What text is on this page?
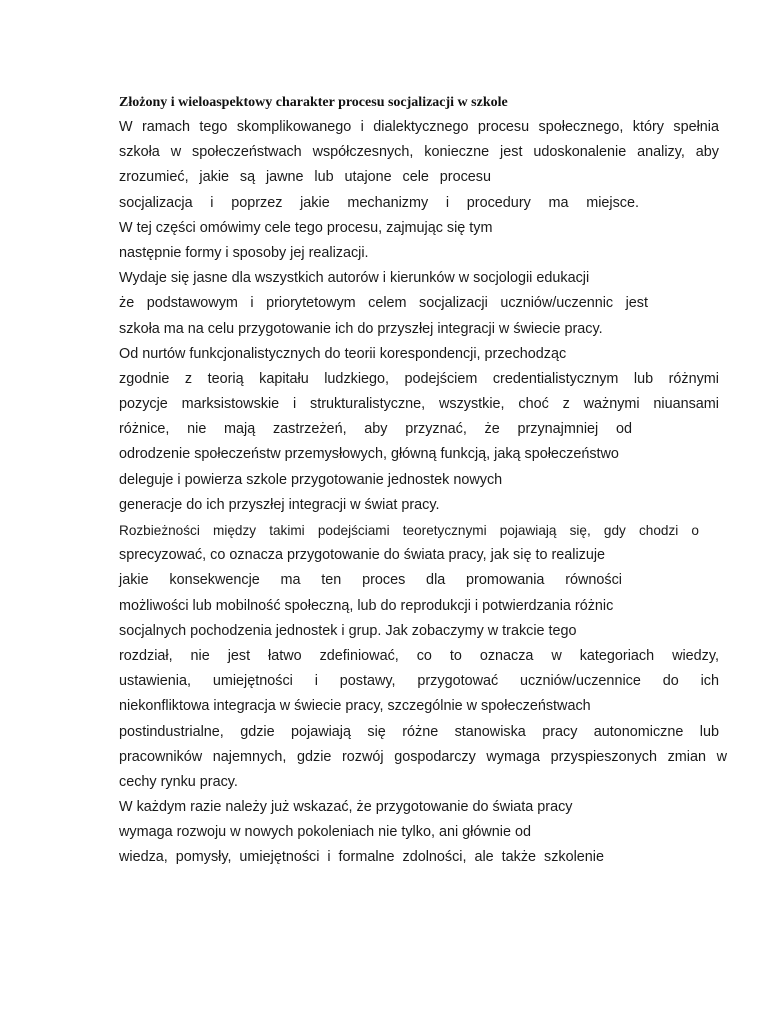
Złożony i wieloaspektowy charakter procesu socjalizacji w szkole
W ramach tego skomplikowanego i dialektycznego procesu społecznego, który spełnia
szkoła w społeczeństwach współczesnych, konieczne jest udoskonalenie analizy, aby
zrozumieć, jakie są jawne lub utajone cele procesu
socjalizacja i poprzez jakie mechanizmy i procedury ma miejsce.
W tej części omówimy cele tego procesu, zajmując się tym
następnie formy i sposoby jej realizacji.
Wydaje się jasne dla wszystkich autorów i kierunków w socjologii edukacji
że podstawowym i priorytetowym celem socjalizacji uczniów/uczennic jest
szkoła ma na celu przygotowanie ich do przyszłej integracji w świecie pracy.
Od nurtów funkcjonalistycznych do teorii korespondencji, przechodząc
zgodnie z teorią kapitału ludzkiego, podejściem credentialistycznym lub różnymi
pozycje marksistowskie i strukturalistyczne, wszystkie, choć z ważnymi niuansami
różnice, nie mają zastrzeżeń, aby przyznać, że przynajmniej od
odrodzenie społeczeństw przemysłowych, główną funkcją, jaką społeczeństwo
deleguje i powierza szkole przygotowanie jednostek nowych
generacje do ich przyszłej integracji w świat pracy.
Rozbieżności między takimi podejściami teoretycznymi pojawiają się, gdy chodzi o
sprecyzować, co oznacza przygotowanie do świata pracy, jak się to realizuje
jakie konsekwencje ma ten proces dla promowania równości
możliwości lub mobilność społeczną, lub do reprodukcji i potwierdzania różnic
socjalnych pochodzenia jednostek i grup. Jak zobaczymy w trakcie tego
rozdział, nie jest łatwo zdefiniować, co to oznacza w kategoriach wiedzy,
ustawienia, umiejętności i postawy, przygotować uczniów/uczennice do ich
niekonfliktowa integracja w świecie pracy, szczególnie w społeczeństwach
postindustrialne, gdzie pojawiają się różne stanowiska pracy autonomiczne lub
pracowników najemnych, gdzie rozwój gospodarczy wymaga przyspieszonych zmian w
cechy rynku pracy.
W każdym razie należy już wskazać, że przygotowanie do świata pracy
wymaga rozwoju w nowych pokoleniach nie tylko, ani głównie od
wiedza, pomysły, umiejętności i formalne zdolności, ale także szkolenie
